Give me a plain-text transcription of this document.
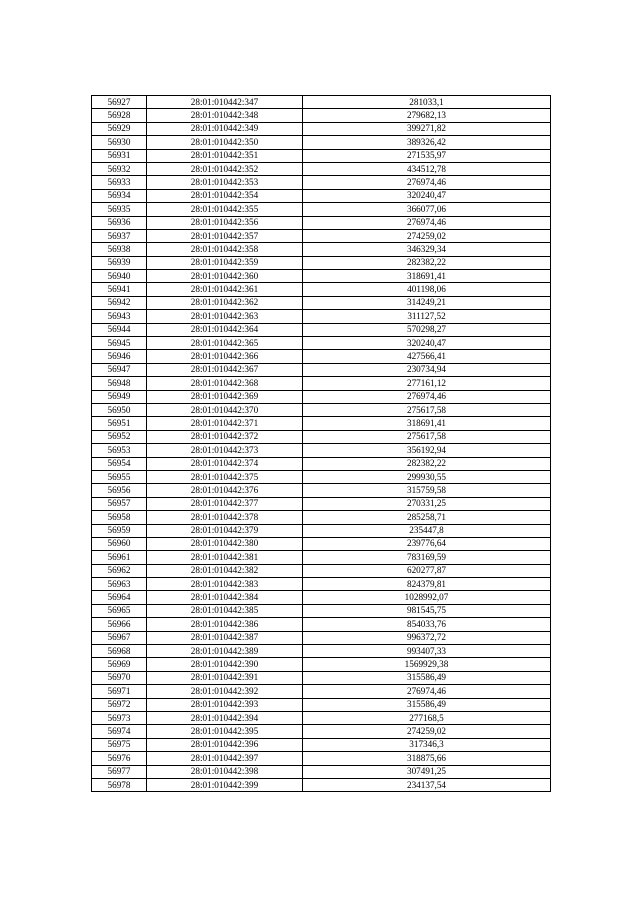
56927	28:01:010442:347	281033,1
56928	28:01:010442:348	279682,13
56929	28:01:010442:349	399271,82
56930	28:01:010442:350	389326,42
56931	28:01:010442:351	271535,97
56932	28:01:010442:352	434512,78
56933	28:01:010442:353	276974,46
56934	28:01:010442:354	320240,47
56935	28:01:010442:355	366077,06
56936	28:01:010442:356	276974,46
56937	28:01:010442:357	274259,02
56938	28:01:010442:358	346329,34
56939	28:01:010442:359	282382,22
56940	28:01:010442:360	318691,41
56941	28:01:010442:361	401198,06
56942	28:01:010442:362	314249,21
56943	28:01:010442:363	311127,52
56944	28:01:010442:364	570298,27
56945	28:01:010442:365	320240,47
56946	28:01:010442:366	427566,41
56947	28:01:010442:367	230734,94
56948	28:01:010442:368	277161,12
56949	28:01:010442:369	276974,46
56950	28:01:010442:370	275617,58
56951	28:01:010442:371	318691,41
56952	28:01:010442:372	275617,58
56953	28:01:010442:373	356192,94
56954	28:01:010442:374	282382,22
56955	28:01:010442:375	299930,55
56956	28:01:010442:376	315759,58
56957	28:01:010442:377	270331,25
56958	28:01:010442:378	285258,71
56959	28:01:010442:379	235447,8
56960	28:01:010442:380	239776,64
56961	28:01:010442:381	783169,59
56962	28:01:010442:382	620277,87
56963	28:01:010442:383	824379,81
56964	28:01:010442:384	1028992,07
56965	28:01:010442:385	981545,75
56966	28:01:010442:386	854033,76
56967	28:01:010442:387	996372,72
56968	28:01:010442:389	993407,33
56969	28:01:010442:390	1569929,38
56970	28:01:010442:391	315586,49
56971	28:01:010442:392	276974,46
56972	28:01:010442:393	315586,49
56973	28:01:010442:394	277168,5
56974	28:01:010442:395	274259,02
56975	28:01:010442:396	317346,3
56976	28:01:010442:397	318875,66
56977	28:01:010442:398	307491,25
56978	28:01:010442:399	234137,54
